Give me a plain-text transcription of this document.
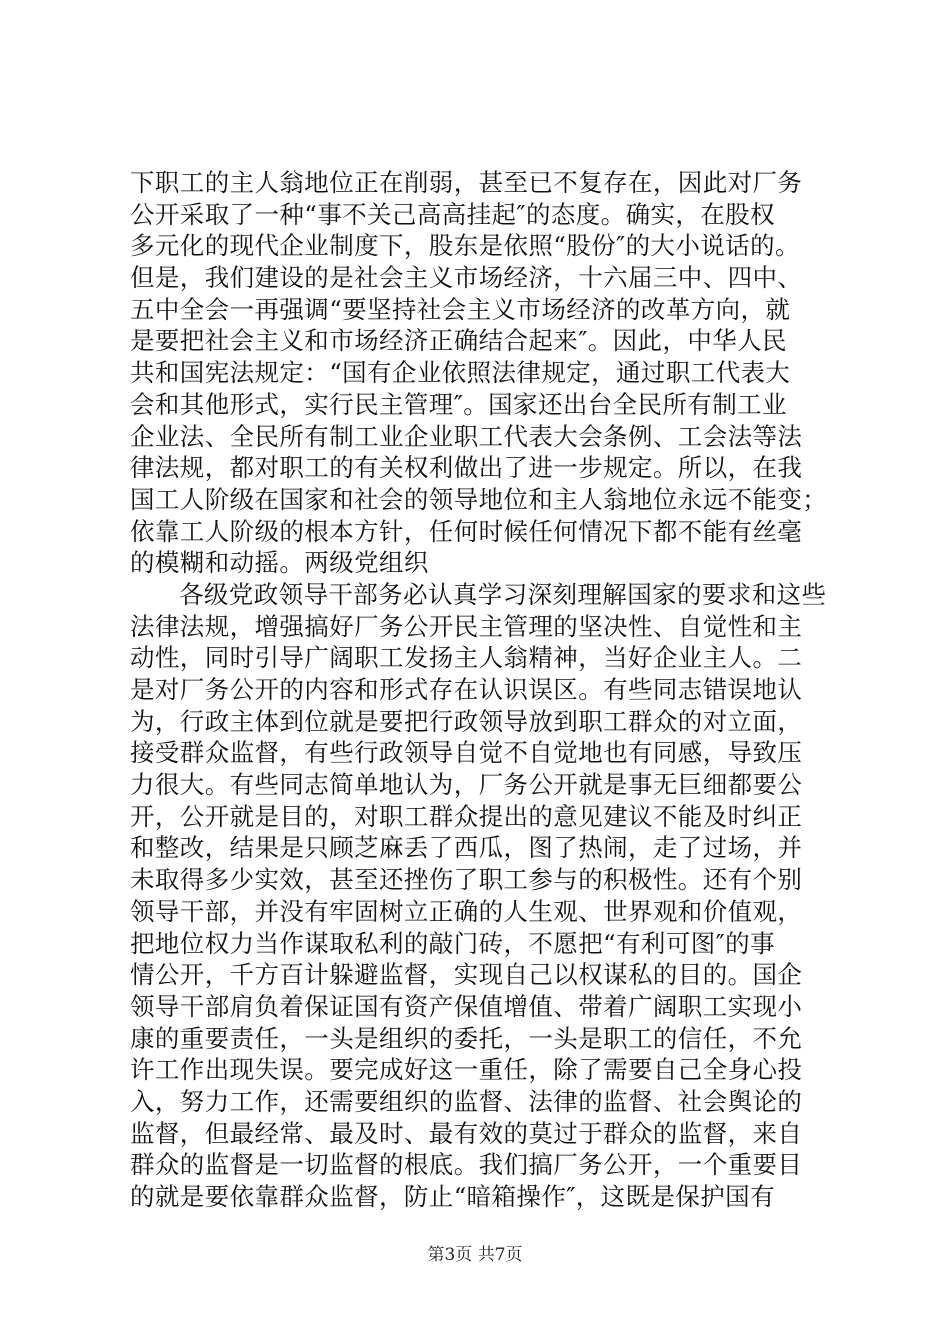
下职工的主人翁地位正在削弱，甚至已不复存在，因此对厂务
公开采取了一种“事不关己高高挂起″的态度。确实，在股权
多元化的现代企业制度下，股东是依照“股份″的大小说话的。
但是，我们建设的是社会主义市场经济，十六届三中、四中、
五中全会一再强调“要坚持社会主义市场经济的改革方向，就
是要把社会主义和市场经济正确结合起来″。因此，中华人民
共和国宪法规定：“国有企业依照法律规定，通过职工代表大
会和其他形式，实行民主管理″。国家还出台全民所有制工业
企业法、全民所有制工业企业职工代表大会条例、工会法等法
律法规，都对职工的有关权利做出了进一步规定。所以，在我
国工人阶级在国家和社会的领导地位和主人翁地位永远不能变；
依靠工人阶级的根本方针，任何时候任何情况下都不能有丝毫
的模糊和动摇。两级党组织
各级党政领导干部务必认真学习深刻理解国家的要求和这些
法律法规，增强搞好厂务公开民主管理的坚决性、自觉性和主
动性，同时引导广阔职工发扬主人翁精神，当好企业主人。二
是对厂务公开的内容和形式存在认识误区。有些同志错误地认
为，行政主体到位就是要把行政领导放到职工群众的对立面，
接受群众监督，有些行政领导自觉不自觉地也有同感，导致压
力很大。有些同志简单地认为，厂务公开就是事无巨细都要公
开，公开就是目的，对职工群众提出的意见建议不能及时纠正
和整改，结果是只顾芝麻丢了西瓜，图了热闹，走了过场，并
未取得多少实效，甚至还挫伤了职工参与的积极性。还有个别
领导干部，并没有牢固树立正确的人生观、世界观和价值观，
把地位权力当作谋取私利的敲门砖，不愿把“有利可图″的事
情公开，千方百计躲避监督，实现自己以权谋私的目的。国企
领导干部肩负着保证国有资产保值增值、带着广阔职工实现小
康的重要责任，一头是组织的委托，一头是职工的信任，不允
许工作出现失误。要完成好这一重任，除了需要自己全身心投
入，努力工作，还需要组织的监督、法律的监督、社会舆论的
监督，但最经常、最及时、最有效的莫过于群众的监督，来自
群众的监督是一切监督的根底。我们搞厂务公开，一个重要目
的就是要依靠群众监督，防止“暗箱操作″，这既是保护国有
第3页 共7页
